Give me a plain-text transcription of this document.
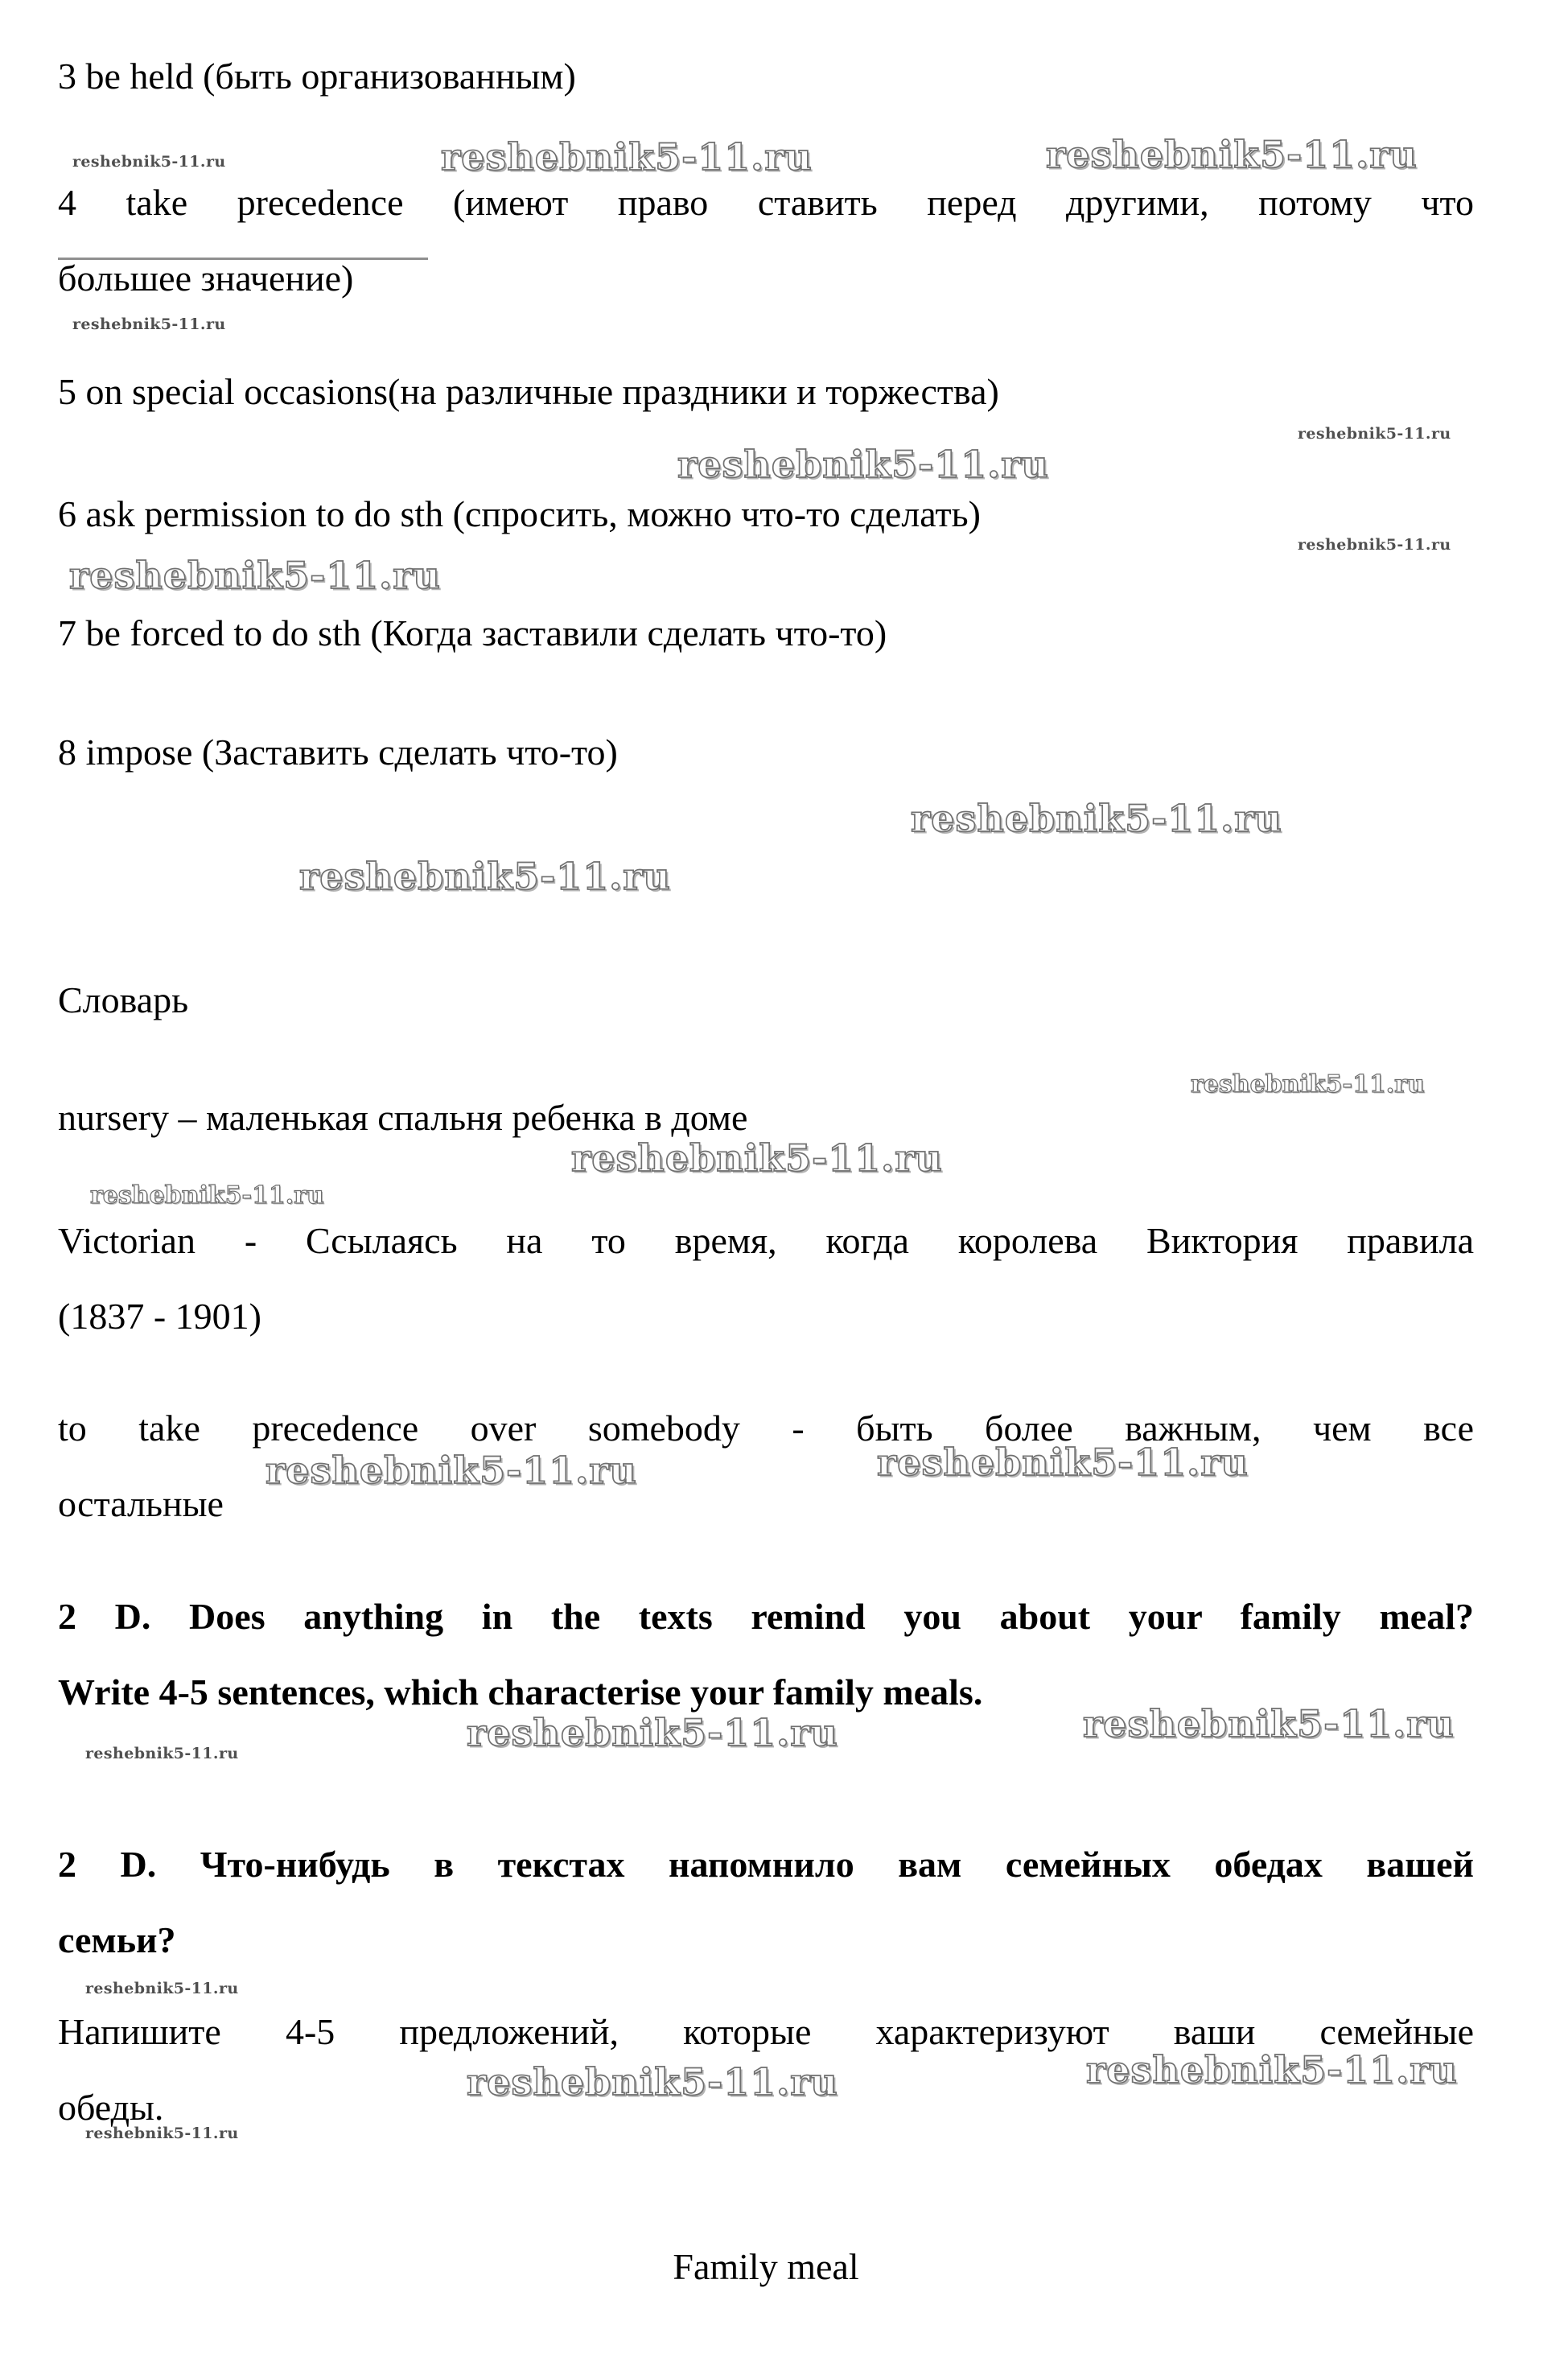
reshebnik5-11.ru	reshebnik5-11.ru	reshebnik5-11.ru
reshebnik5-11.ru
reshebnik5-11.ru
reshebnik5-11.ru
reshebnik5-11.ru
reshebnik5-11.ru
reshebnik5-11.ru
reshebnik5-11.ru
reshebnik5-11.ru
reshebnik5-11.ru
reshebnik5-11.ru
reshebnik5-11.ru	reshebnik5-11.ru
reshebnik5-11.ru	reshebnik5-11.ru
reshebnik5-11.ru
reshebnik5-11.ru
reshebnik5-11.ru	reshebnik5-11.ru
reshebnik5-11.ru
3 be held (быть организованным)
4 take precedence (имеют право ставить перед другими, потому что
большее значение)
5 on special occasions(на различные праздники и торжества)
6 ask permission to do sth (спросить, можно что-то сделать)
7 be forced to do sth (Когда заставили сделать что-то)
8 impose (Заставить сделать что-то)
Словарь
nursery – маленькая спальня ребенка в доме
Victorian - Ссылаясь на то время, когда королева Виктория правила
(1837 - 1901)
to take precedence over somebody - быть более важным, чем все
остальные
2 D. Does anything in the texts remind you about your family meal?
Write 4-5 sentences, which characterise your family meals.
2 D. Что-нибудь в текстах напомнило вам семейных обедах вашей
семьи?
Напишите 4-5 предложений, которые характеризуют ваши семейные
обеды.
Family meal
